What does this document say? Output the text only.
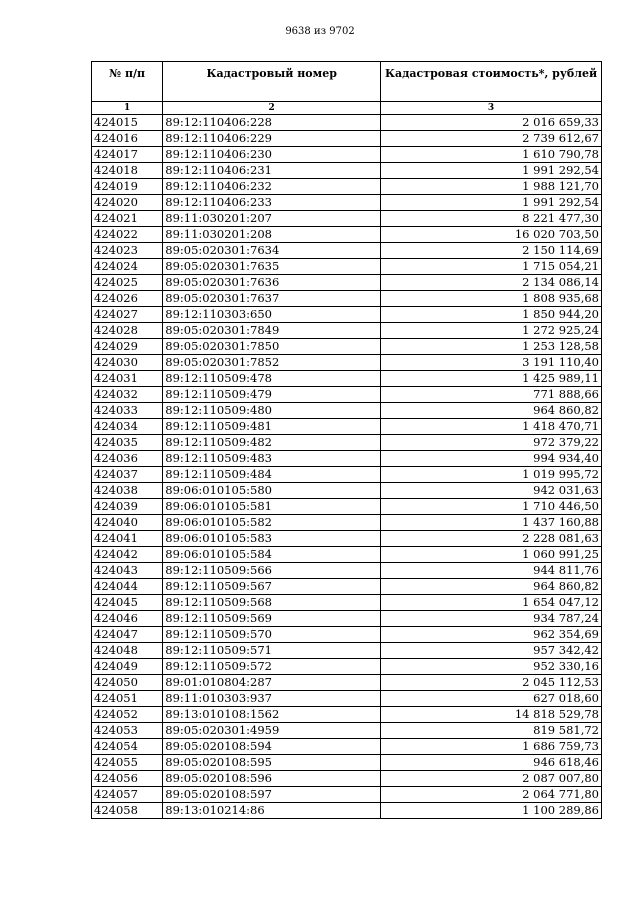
9638 из 9702
№ п/п	Кадастровый номер	Кадастровая стоимость*, рублей
1	2	3
424015	89:12:110406:228	2 016 659,33
424016	89:12:110406:229	2 739 612,67
424017	89:12:110406:230	1 610 790,78
424018	89:12:110406:231	1 991 292,54
424019	89:12:110406:232	1 988 121,70
424020	89:12:110406:233	1 991 292,54
424021	89:11:030201:207	8 221 477,30
424022	89:11:030201:208	16 020 703,50
424023	89:05:020301:7634	2 150 114,69
424024	89:05:020301:7635	1 715 054,21
424025	89:05:020301:7636	2 134 086,14
424026	89:05:020301:7637	1 808 935,68
424027	89:12:110303:650	1 850 944,20
424028	89:05:020301:7849	1 272 925,24
424029	89:05:020301:7850	1 253 128,58
424030	89:05:020301:7852	3 191 110,40
424031	89:12:110509:478	1 425 989,11
424032	89:12:110509:479	771 888,66
424033	89:12:110509:480	964 860,82
424034	89:12:110509:481	1 418 470,71
424035	89:12:110509:482	972 379,22
424036	89:12:110509:483	994 934,40
424037	89:12:110509:484	1 019 995,72
424038	89:06:010105:580	942 031,63
424039	89:06:010105:581	1 710 446,50
424040	89:06:010105:582	1 437 160,88
424041	89:06:010105:583	2 228 081,63
424042	89:06:010105:584	1 060 991,25
424043	89:12:110509:566	944 811,76
424044	89:12:110509:567	964 860,82
424045	89:12:110509:568	1 654 047,12
424046	89:12:110509:569	934 787,24
424047	89:12:110509:570	962 354,69
424048	89:12:110509:571	957 342,42
424049	89:12:110509:572	952 330,16
424050	89:01:010804:287	2 045 112,53
424051	89:11:010303:937	627 018,60
424052	89:13:010108:1562	14 818 529,78
424053	89:05:020301:4959	819 581,72
424054	89:05:020108:594	1 686 759,73
424055	89:05:020108:595	946 618,46
424056	89:05:020108:596	2 087 007,80
424057	89:05:020108:597	2 064 771,80
424058	89:13:010214:86	1 100 289,86
